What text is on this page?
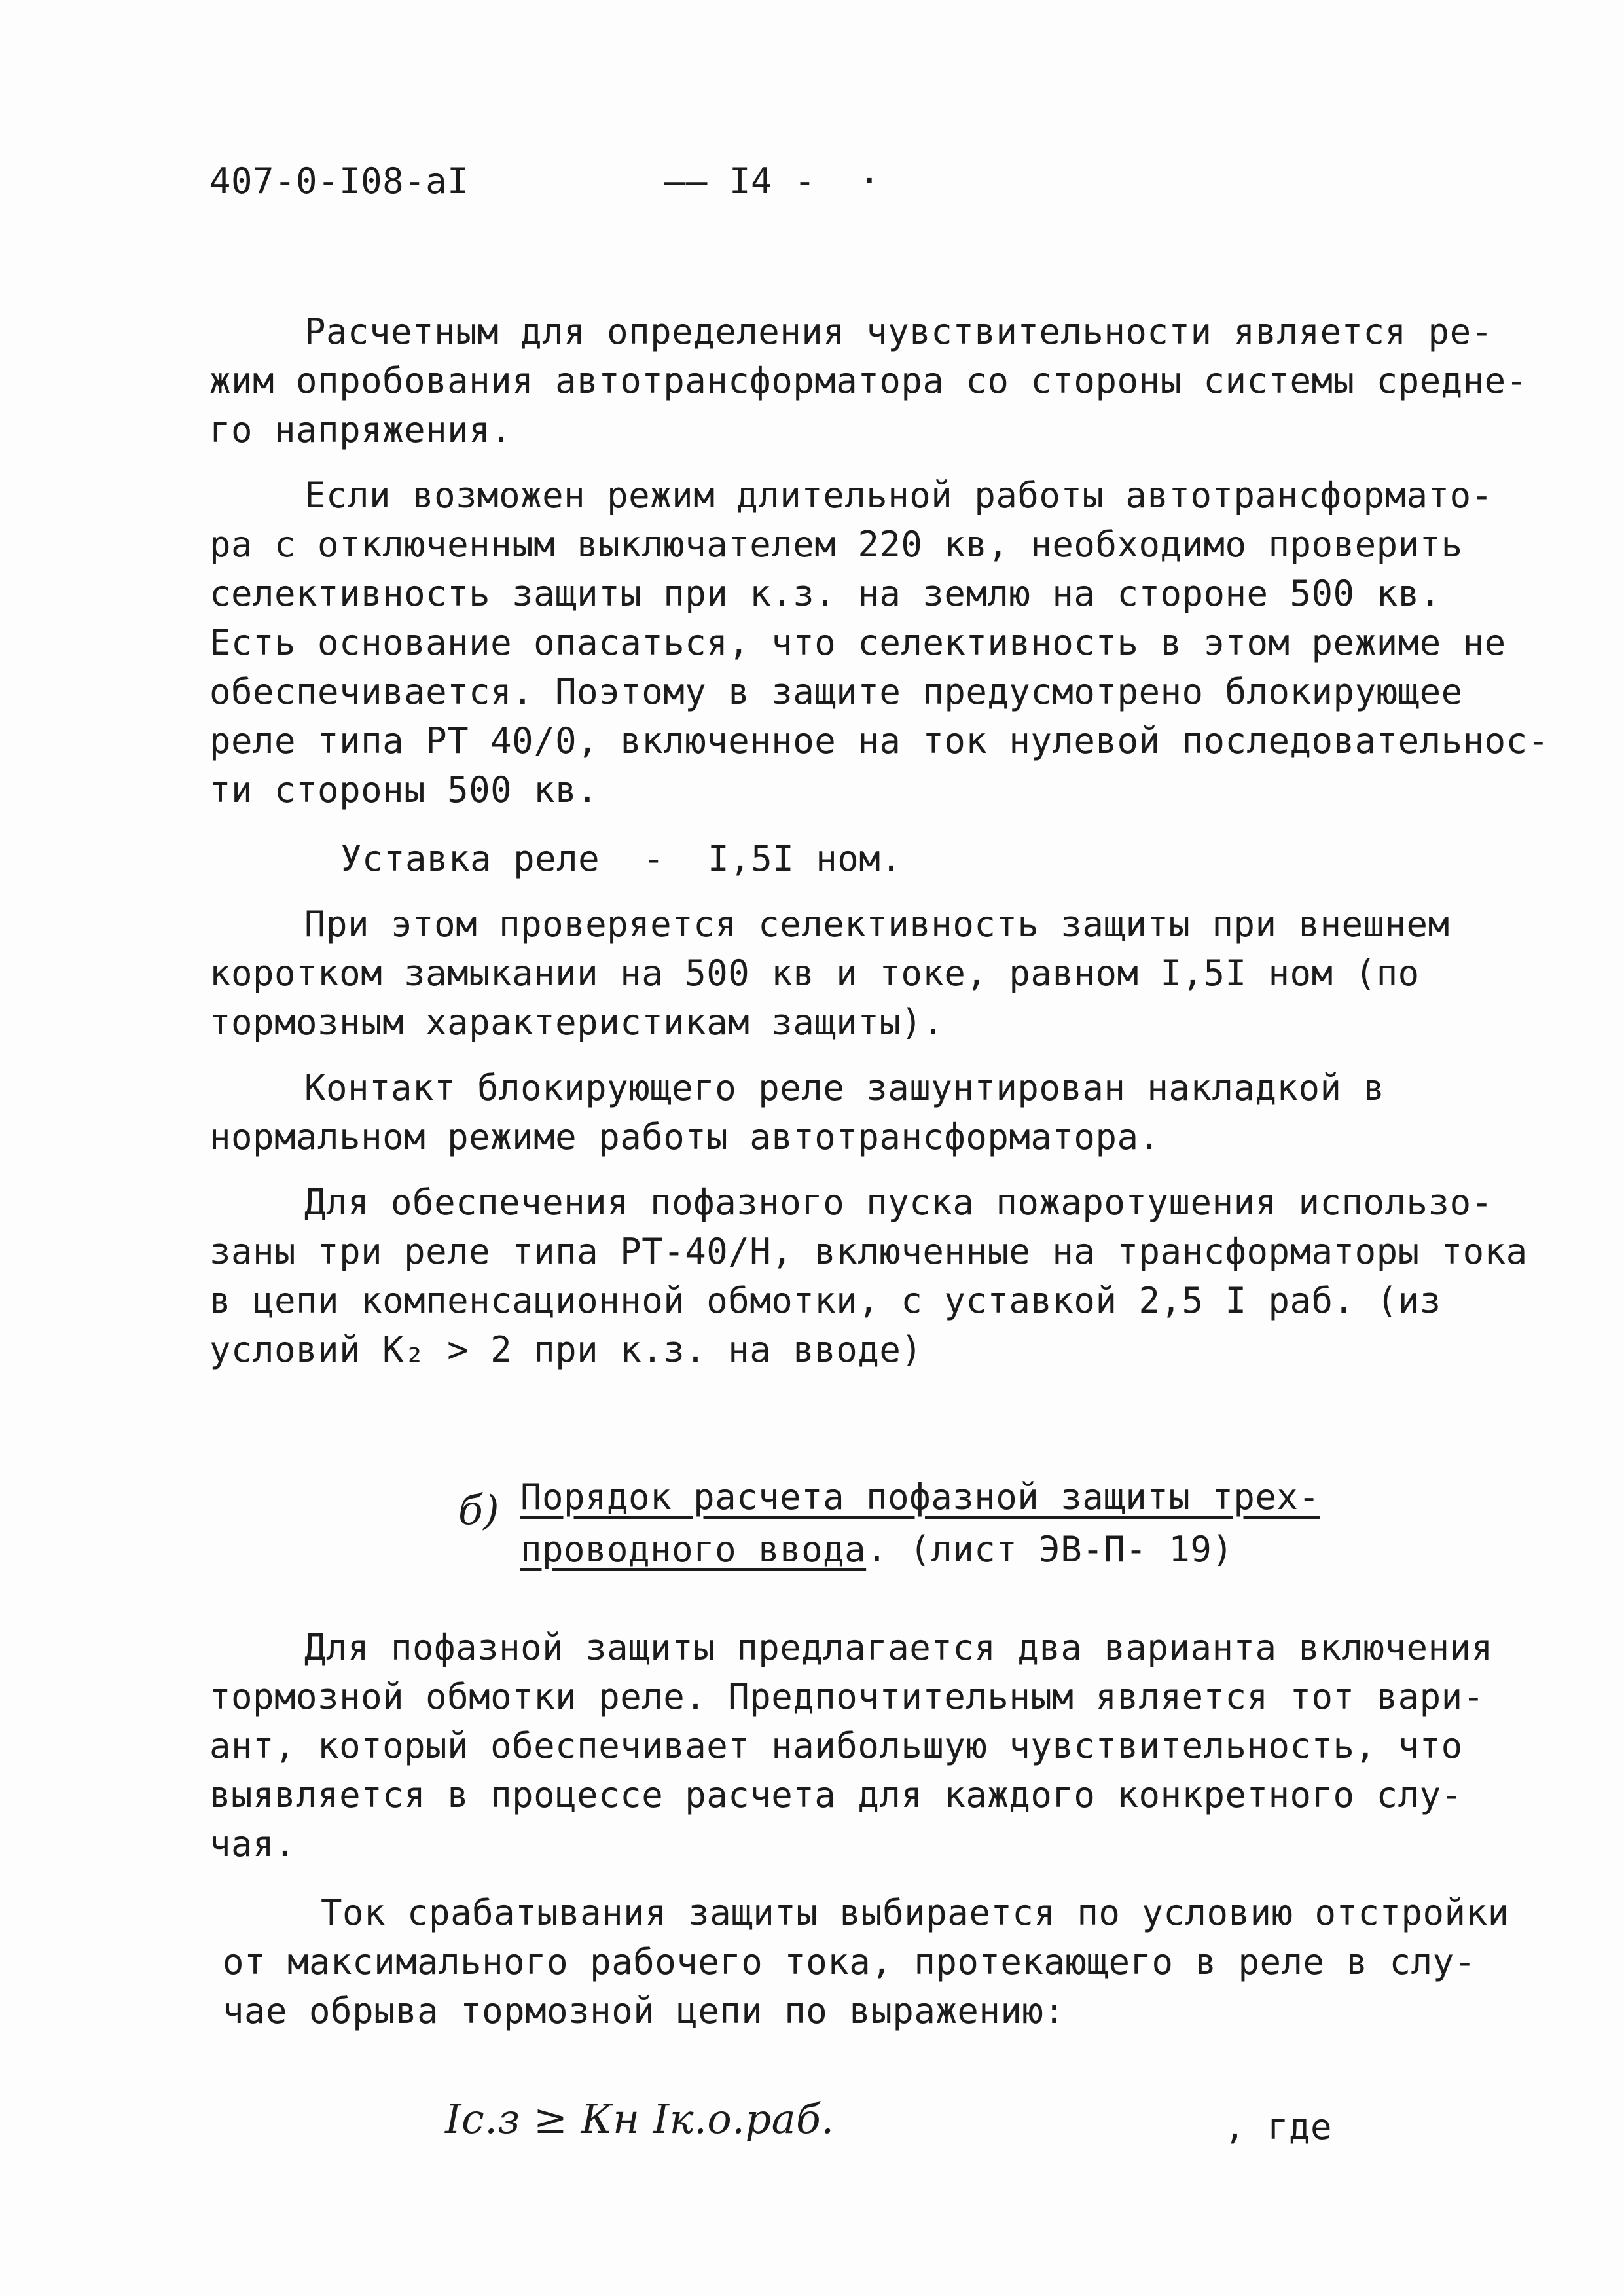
407-0-I08-aI	—— I4 -  ·
Расчетным для определения чувствительности является ре-
жим опробования автотрансформатора со стороны системы средне-
го напряжения.
Если возможен режим длительной работы автотрансформато-
ра с отключенным выключателем 220 кв, необходимо проверить
селективность защиты при к.з. на землю на стороне 500 кв.
Есть основание опасаться, что селективность в этом режиме не
обеспечивается. Поэтому в защите предусмотрено блокирующее
реле типа РТ 40/0, включенное на ток нулевой последовательнос-
ти стороны 500 кв.
Уставка реле  -  I,5I ном.
При этом проверяется селективность защиты при внешнем
коротком замыкании на 500 кв и токе, равном I,5I ном (по
тормозным характеристикам защиты).
Контакт блокирующего реле зашунтирован накладкой в
нормальном режиме работы автотрансформатора.
Для обеспечения пофазного пуска пожаротушения использо-
заны три реле типа РТ-40/Н, включенные на трансформаторы тока
в цепи компенсационной обмотки, с уставкой 2,5 I раб. (из
условий К₂ > 2 при к.з. на вводе)
б) Порядок расчета пофазной защиты трех-
проводного ввода. (лист ЭВ-П- 19)
Для пофазной защиты предлагается два варианта включения
тормозной обмотки реле. Предпочтительным является тот вари-
ант, который обеспечивает наибольшую чувствительность, что
выявляется в процессе расчета для каждого конкретного слу-
чая.
Ток срабатывания защиты выбирается по условию отстройки
от максимального рабочего тока, протекающего в реле в слу-
чае обрыва тормозной цепи по выражению:
Iс.з ≥ Кн Iк.о.раб.	, где
